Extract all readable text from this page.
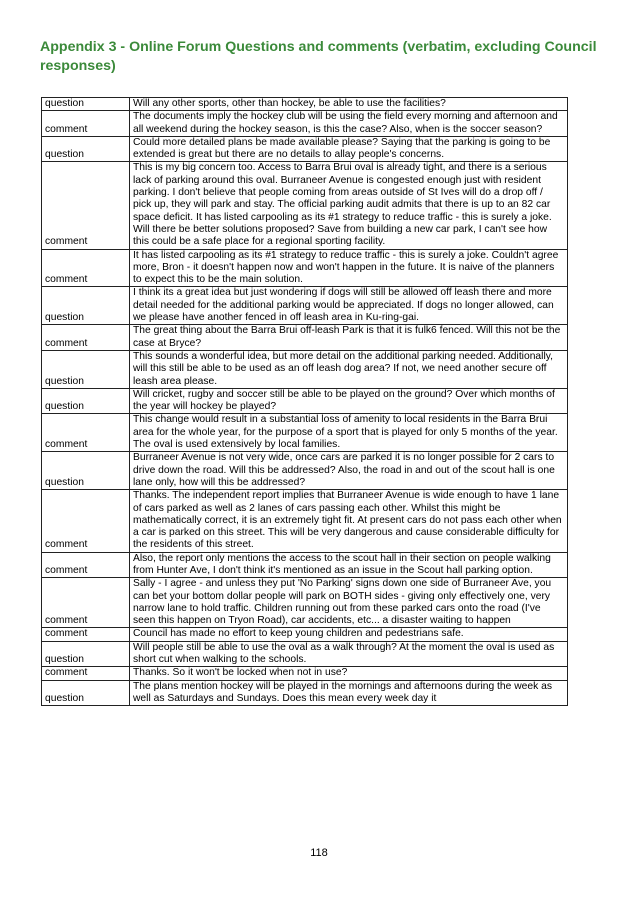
Appendix 3 - Online Forum Questions and comments (verbatim, excluding Council responses)
question	Will any other sports, other than hockey, be able to use the facilities?
comment	The documents imply the hockey club will be using the field every morning and afternoon and all weekend during the hockey season, is this the case? Also, when is the soccer season?
question	Could more detailed plans be made available please? Saying that the parking is going to be extended is great but there are no details to allay people's concerns.
comment	This is my big concern too. Access to Barra Brui oval is already tight, and there is a serious lack of parking around this oval. Burraneer Avenue is congested enough just with resident parking. I don't believe that people coming from areas outside of St Ives will do a drop off / pick up, they will park and stay. The official parking audit admits that there is up to an 82 car space deficit. It has listed carpooling as its #1 strategy to reduce traffic - this is surely a joke. Will there be better solutions proposed? Save from building a new car park, I can't see how this could be a safe place for a regional sporting facility.
comment	It has listed carpooling as its #1 strategy to reduce traffic - this is surely a joke. Couldn't agree more, Bron - it doesn't happen now and won't happen in the future. It is naive of the planners to expect this to be the main solution.
question	I think its a great idea but just wondering if dogs will still be allowed off leash there and more detail needed for the additional parking would be appreciated. If dogs no longer allowed, can we please have another fenced in off leash area in Ku-ring-gai.
comment	The great thing about the Barra Brui off-leash Park is that it is fulk6 fenced. Will this not be the case at Bryce?
question	This sounds a wonderful idea, but more detail on the additional parking needed. Additionally, will this still be able to be used as an off leash dog area? If not, we need another secure off leash area please.
question	Will cricket, rugby and soccer still be able to be played on the ground? Over which months of the year will hockey be played?
comment	This change would result in a substantial loss of amenity to local residents in the Barra Brui area for the whole year, for the purpose of a sport that is played for only 5 months of the year. The oval is used extensively by local families.
question	Burraneer Avenue is not very wide, once cars are parked it is no longer possible for 2 cars to drive down the road. Will this be addressed? Also, the road in and out of the scout hall is one lane only, how will this be addressed?
comment	Thanks. The independent report implies that Burraneer Avenue is wide enough to have 1 lane of cars parked as well as 2 lanes of cars passing each other. Whilst this might be mathematically correct, it is an extremely tight fit. At present cars do not pass each other when a car is parked on this street. This will be very dangerous and cause considerable difficulty for the residents of this street.
comment	Also, the report only mentions the access to the scout hall in their section on people walking from Hunter Ave, I don't think it's mentioned as an issue in the Scout hall parking option.
comment	Sally - I agree - and unless they put 'No Parking' signs down one side of Burraneer Ave, you can bet your bottom dollar people will park on BOTH sides - giving only effectively one, very narrow lane to hold traffic. Children running out from these parked cars onto the road (I've seen this happen on Tryon Road), car accidents, etc... a disaster waiting to happen
comment	Council has made no effort to keep young children and pedestrians safe.
question	Will people still be able to use the oval as a walk through? At the moment the oval is used as short cut when walking to the schools.
comment	Thanks. So it won't be locked when not in use?
question	The plans mention hockey will be played in the mornings and afternoons during the week as well as Saturdays and Sundays. Does this mean every week day it
118
